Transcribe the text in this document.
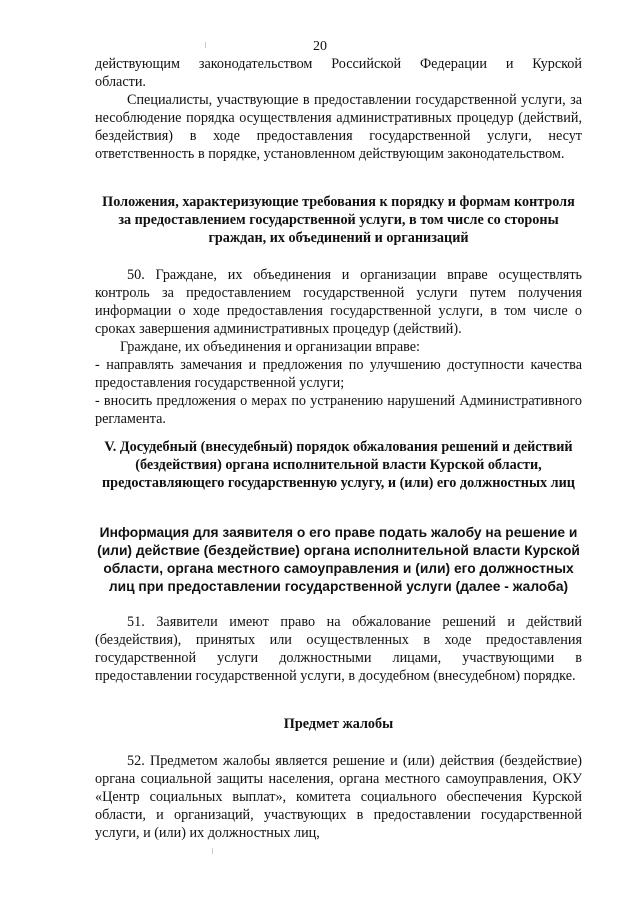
20

действующим законодательством Российской Федерации и Курской

области.

Специалисты, участвующие в предоставлении государственной услуги, за несоблюдение порядка осуществления административных процедур (действий, бездействия) в ходе предоставления государственной услуги, несут ответственность в порядке, установленном действующим законодательством.

Положения, характеризующие требования к порядку и формам контроля за предоставлением государственной услуги, в том числе со стороны граждан, их объединений и организаций

50. Граждане, их объединения и организации вправе осуществлять контроль за предоставлением государственной услуги путем получения информации о ходе предоставления государственной услуги, в том числе о сроках завершения административных процедур (действий).

Граждане, их объединения и организации вправе:

- направлять замечания и предложения по улучшению доступности качества предоставления государственной услуги;

- вносить предложения о мерах по устранению нарушений Административного регламента.

V. Досудебный (внесудебный) порядок обжалования решений и действий (бездействия) органа исполнительной власти Курской области, предоставляющего государственную услугу, и (или) его должностных лиц

Информация для заявителя о его праве подать жалобу на решение и (или) действие (бездействие) органа исполнительной власти Курской области, органа местного самоуправления и (или) его должностных лиц при предоставлении государственной услуги (далее - жалоба)

51. Заявители имеют право на обжалование решений и действий (бездействия), принятых или осуществленных в ходе предоставления государственной услуги должностными лицами, участвующими в предоставлении государственной услуги, в досудебном (внесудебном) порядке.

Предмет жалобы

52. Предметом жалобы является решение и (или) действия (бездействие) органа социальной защиты населения, органа местного самоуправления, ОКУ «Центр социальных выплат», комитета социального обеспечения Курской области, и организаций, участвующих в предоставлении государственной услуги, и (или) их должностных лиц,
